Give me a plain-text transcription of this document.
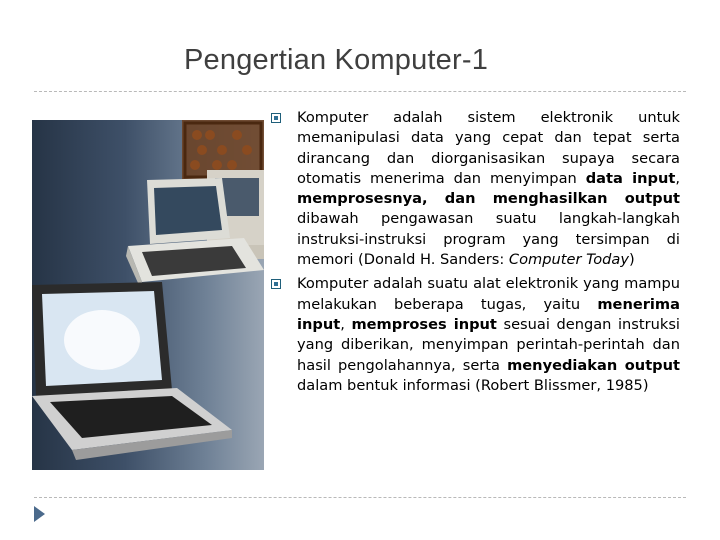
Pengertian Komputer-1

Komputer adalah sistem elektronik untuk memanipulasi data yang cepat dan tepat serta dirancang dan diorganisasikan supaya secara otomatis menerima dan menyimpan data input, memprosesnya, dan menghasilkan output dibawah pengawasan suatu langkah-langkah instruksi-instruksi program yang tersimpan di memori (Donald H. Sanders: Computer Today)

Komputer adalah suatu alat elektronik yang mampu melakukan beberapa tugas, yaitu menerima input, memproses input sesuai dengan instruksi yang diberikan, menyimpan perintah-perintah dan hasil pengolahannya, serta menyediakan output dalam bentuk informasi (Robert Blissmer, 1985)
